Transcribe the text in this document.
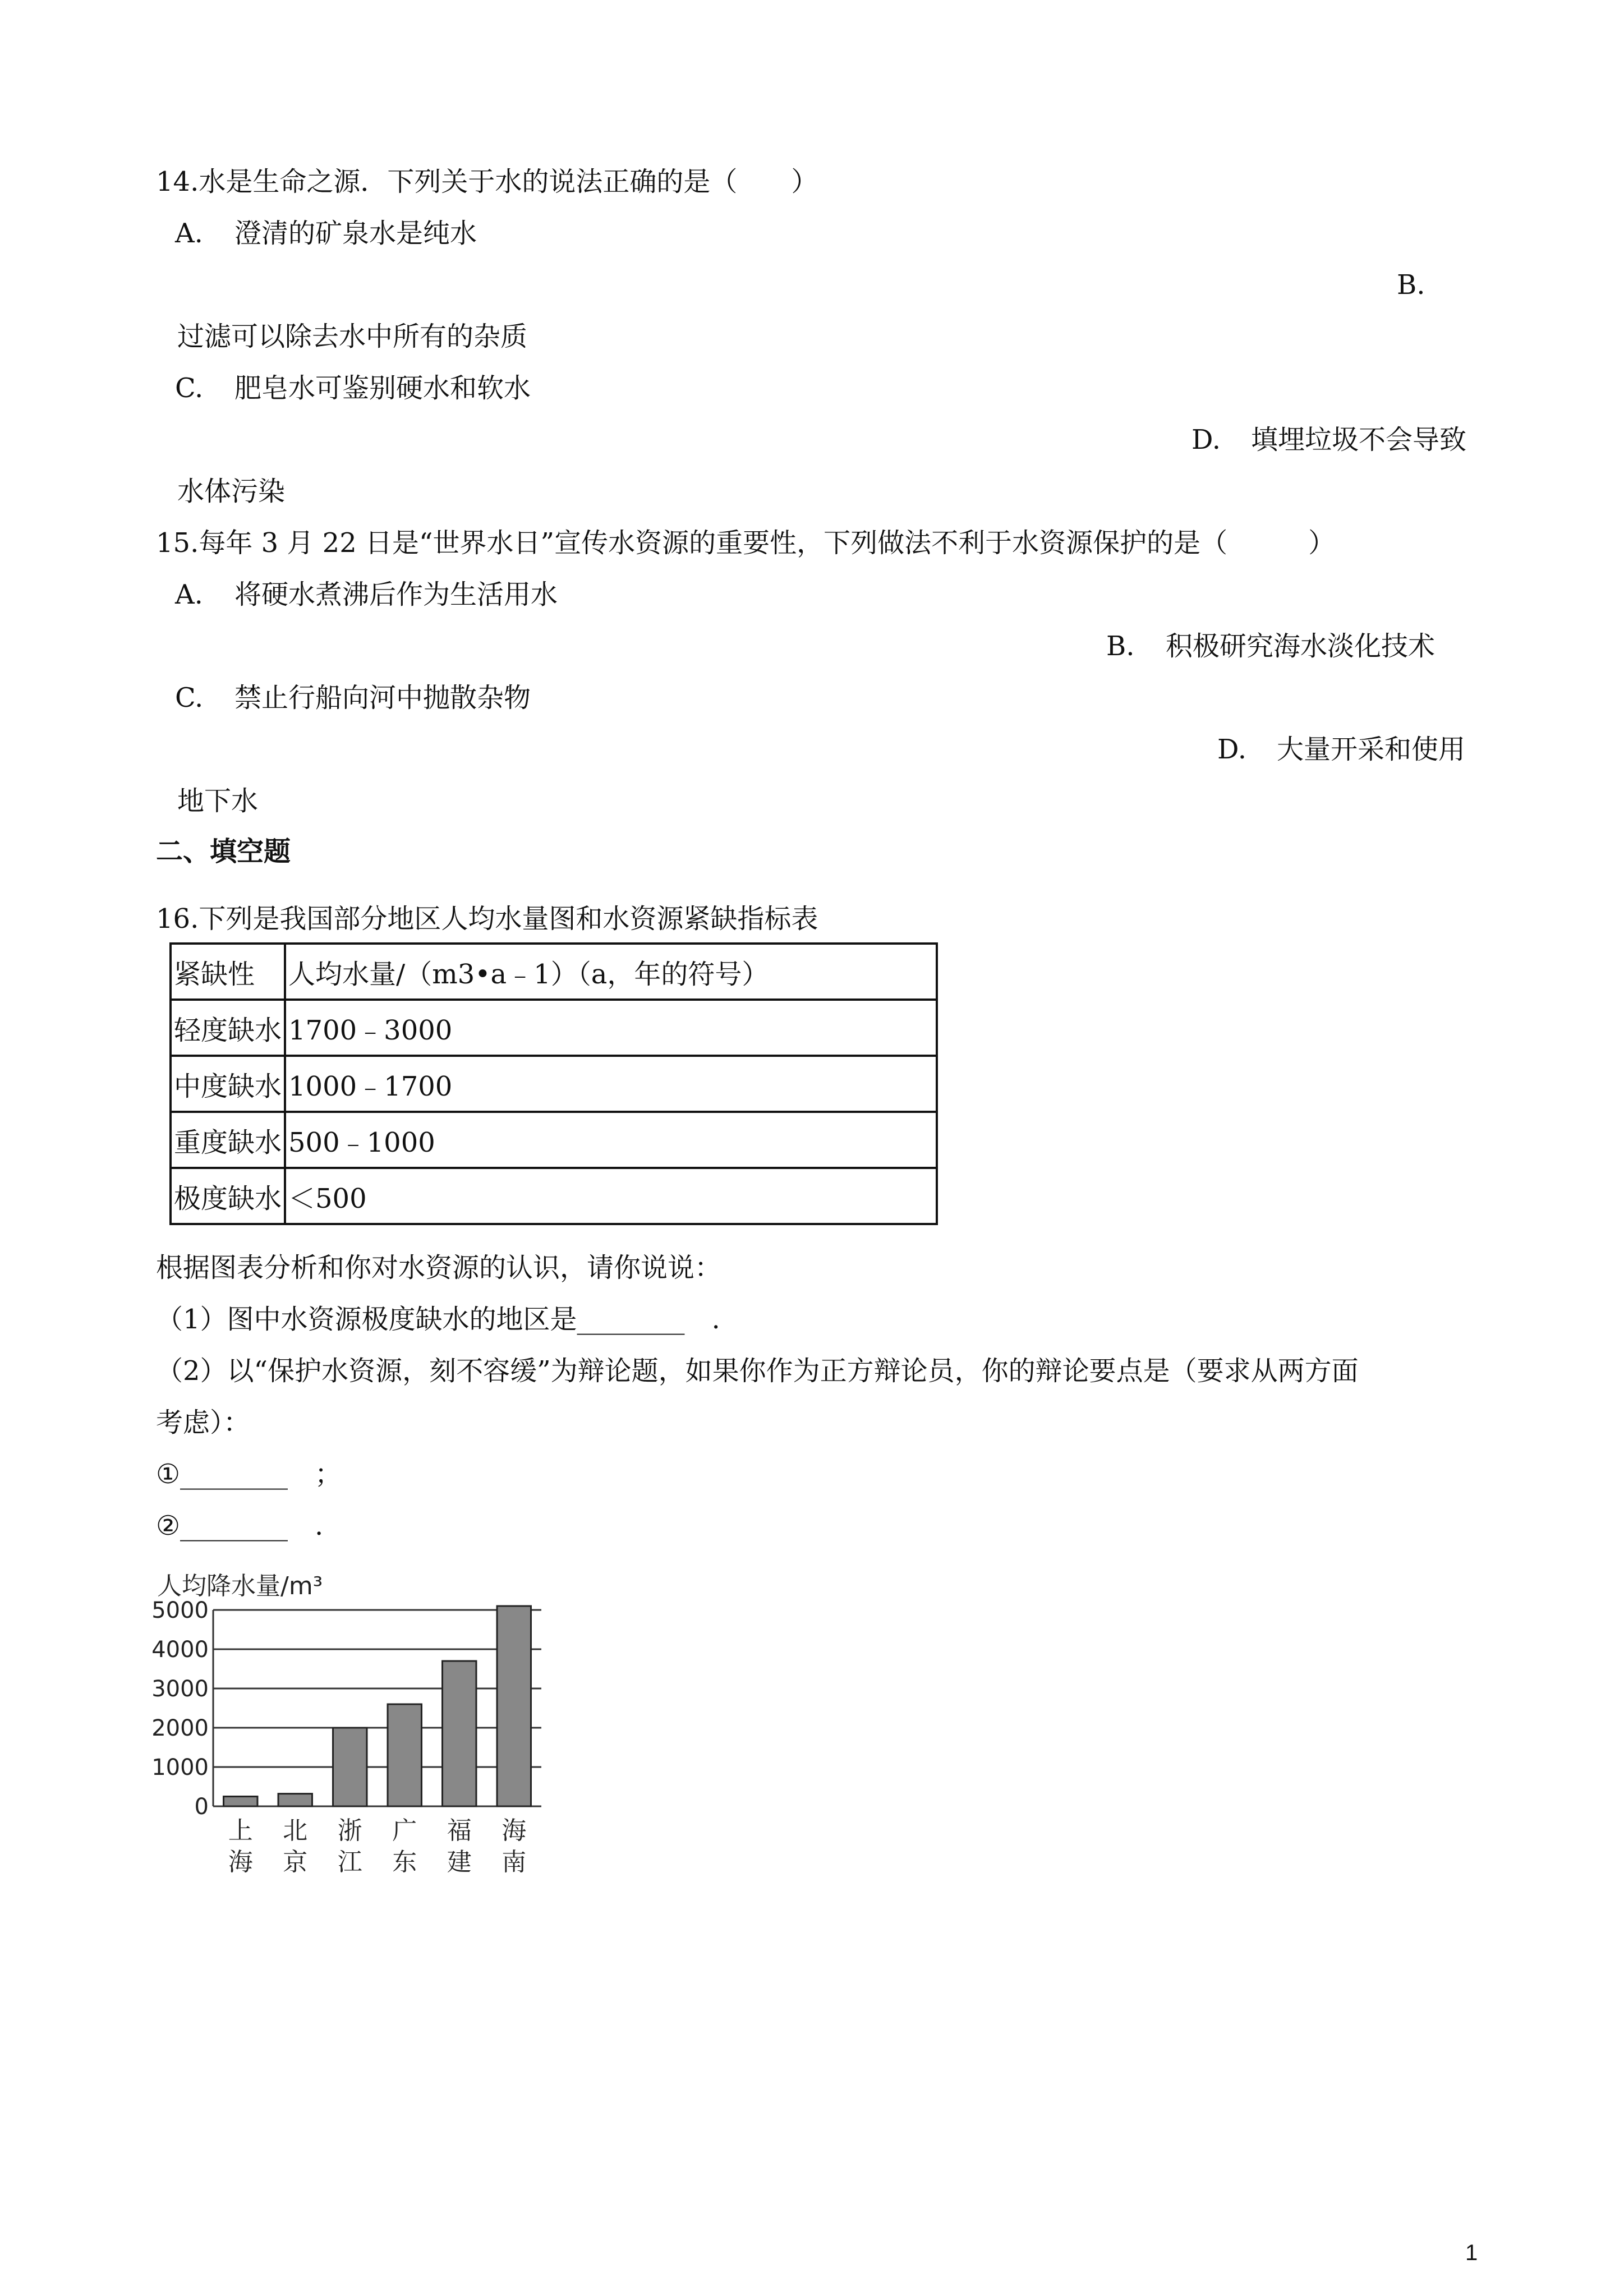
14.水是生命之源．下列关于水的说法正确的是（　　）
A. 澄清的矿泉水是纯水
B.
过滤可以除去水中所有的杂质
C. 肥皂水可鉴别硬水和软水
D. 填埋垃圾不会导致
水体污染
15.每年 3 月 22 日是“世界水日”宣传水资源的重要性，下列做法不利于水资源保护的是（　　　）
A. 将硬水煮沸后作为生活用水
B. 积极研究海水淡化技术
C. 禁止行船向河中抛散杂物
D. 大量开采和使用
地下水
二、填空题
16.下列是我国部分地区人均水量图和水资源紧缺指标表
紧缺性	人均水量/（m3•a﹣1）（a，年的符号）
轻度缺水	1700﹣3000
中度缺水	1000﹣1700
重度缺水	500﹣1000
极度缺水	＜500
根据图表分析和你对水资源的认识，请你说说：
（1）图中水资源极度缺水的地区是________　.
（2）以“保护水资源，刻不容缓”为辩论题，如果你作为正方辩论员，你的辩论要点是（要求从两方面
考虑）：
①________　；
②________　.
人均降水量/m³
0
1000
2000
3000
4000
5000
上
海
北
京
浙
江
广
东
福
建
海
南
1
